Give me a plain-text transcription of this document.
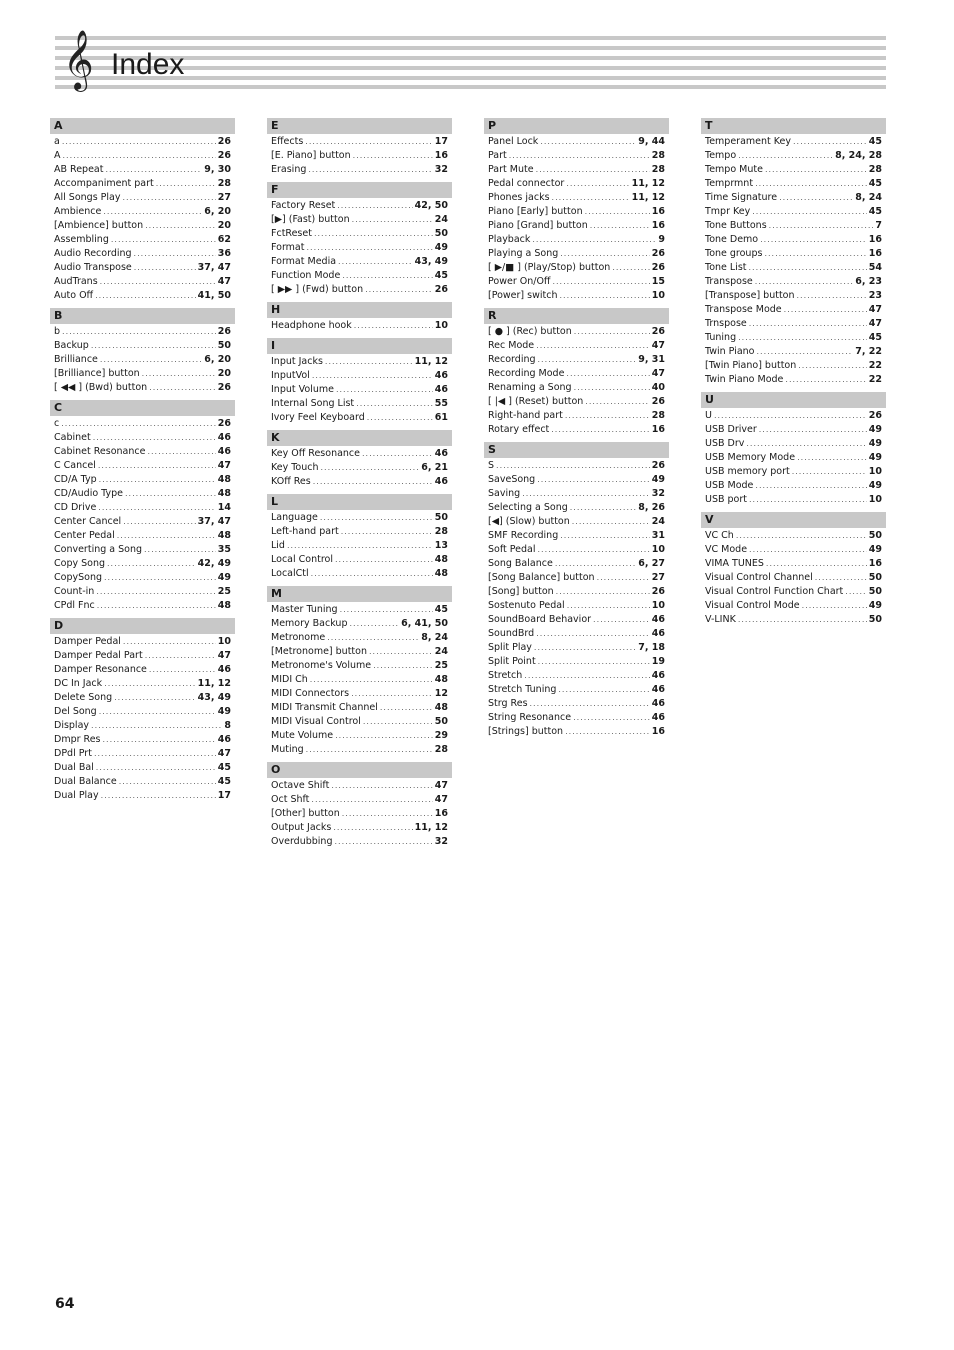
𝄞 Index
A
a .....	26
A .....	26
AB Repeat .....	9, 30
Accompaniment part .....	28
All Songs Play .....	27
Ambience .....	6, 20
[Ambience] button .....	20
Assembling .....	62
Audio Recording .....	36
Audio Transpose .....	37, 47
AudTrans .....	47
Auto Off .....	41, 50
B
b .....	26
Backup .....	50
Brilliance .....	6, 20
[Brilliance] button .....	20
[ ◀◀ ] (Bwd) button .....	26
C
c .....	26
Cabinet .....	46
Cabinet Resonance .....	46
C Cancel .....	47
CD/A Typ .....	48
CD/Audio Type .....	48
CD Drive .....	14
Center Cancel .....	37, 47
Center Pedal .....	48
Converting a Song .....	35
Copy Song .....	42, 49
CopySong .....	49
Count-in .....	25
CPdl Fnc .....	48
D
Damper Pedal .....	10
Damper Pedal Part .....	47
Damper Resonance .....	46
DC In Jack .....	11, 12
Delete Song .....	43, 49
Del Song .....	49
Display .....	8
Dmpr Res .....	46
DPdl Prt .....	47
Dual Bal .....	45
Dual Balance .....	45
Dual Play .....	17
E
Effects .....	17
[E. Piano] button .....	16
Erasing .....	32
F
Factory Reset .....	42, 50
[▶] (Fast) button .....	24
FctReset .....	50
Format .....	49
Format Media .....	43, 49
Function Mode .....	45
[ ▶▶ ] (Fwd) button .....	26
H
Headphone hook .....	10
I
Input Jacks .....	11, 12
InputVol .....	46
Input Volume .....	46
Internal Song List .....	55
Ivory Feel Keyboard .....	61
K
Key Off Resonance .....	46
Key Touch .....	6, 21
KOff Res .....	46
L
Language .....	50
Left-hand part .....	28
Lid .....	13
Local Control .....	48
LocalCtl .....	48
M
Master Tuning .....	45
Memory Backup .....	6, 41, 50
Metronome .....	8, 24
[Metronome] button .....	24
Metronome's Volume .....	25
MIDI Ch .....	48
MIDI Connectors .....	12
MIDI Transmit Channel .....	48
MIDI Visual Control .....	50
Mute Volume .....	29
Muting .....	28
O
Octave Shift .....	47
Oct Shft .....	47
[Other] button .....	16
Output Jacks .....	11, 12
Overdubbing .....	32
P
Panel Lock .....	9, 44
Part .....	28
Part Mute .....	28
Pedal connector .....	11, 12
Phones jacks .....	11, 12
Piano [Early] button .....	16
Piano [Grand] button .....	16
Playback .....	9
Playing a Song .....	26
[ ▶/■ ] (Play/Stop) button .....	26
Power On/Off .....	15
[Power] switch .....	10
R
[ ● ] (Rec) button .....	26
Rec Mode .....	47
Recording .....	9, 31
Recording Mode .....	47
Renaming a Song .....	40
[ |◀ ] (Reset) button .....	26
Right-hand part .....	28
Rotary effect .....	16
S
S .....	26
SaveSong .....	49
Saving .....	32
Selecting a Song .....	8, 26
[◀] (Slow) button .....	24
SMF Recording .....	31
Soft Pedal .....	10
Song Balance .....	6, 27
[Song Balance] button .....	27
[Song] button .....	26
Sostenuto Pedal .....	10
SoundBoard Behavior .....	46
SoundBrd .....	46
Split Play .....	7, 18
Split Point .....	19
Stretch .....	46
Stretch Tuning .....	46
Strg Res .....	46
String Resonance .....	46
[Strings] button .....	16
T
Temperament Key .....	45
Tempo .....	8, 24, 28
Tempo Mute .....	28
Temprmnt .....	45
Time Signature .....	8, 24
Tmpr Key .....	45
Tone Buttons .....	7
Tone Demo .....	16
Tone groups .....	16
Tone List .....	54
Transpose .....	6, 23
[Transpose] button .....	23
Transpose Mode .....	47
Trnspose .....	47
Tuning .....	45
Twin Piano .....	7, 22
[Twin Piano] button .....	22
Twin Piano Mode .....	22
U
U .....	26
USB Driver .....	49
USB Drv .....	49
USB Memory Mode .....	49
USB memory port .....	10
USB Mode .....	49
USB port .....	10
V
VC Ch .....	50
VC Mode .....	49
VIMA TUNES .....	16
Visual Control Channel .....	50
Visual Control Function Chart .....	50
Visual Control Mode .....	49
V-LINK .....	50
64
